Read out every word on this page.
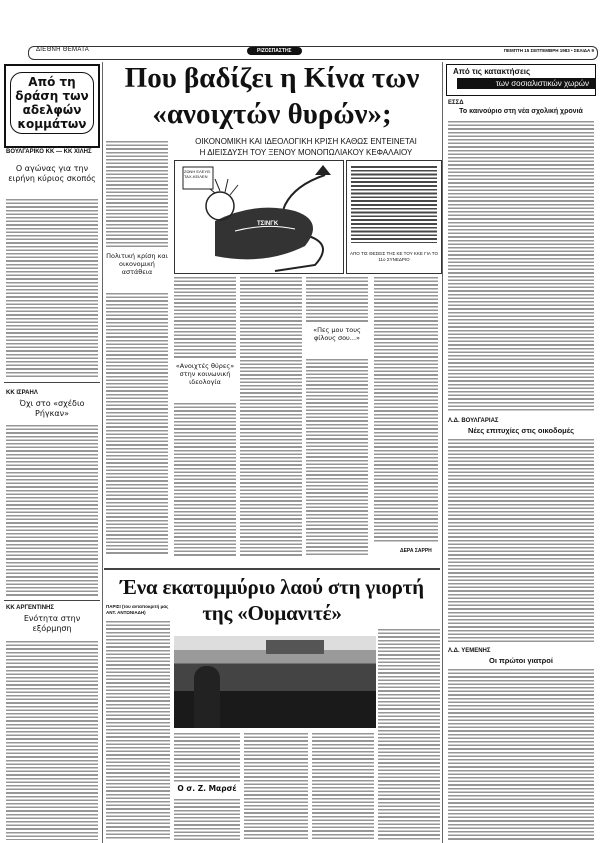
ΔΙΕΘΝΗ ΘΕΜΑΤΑ	ΡΙΖΟΣΠΑΣΤΗΣ	ΠΕΜΠΤΗ 15 ΣΕΠΤΕΜΒΡΗ 1983 • ΣΕΛΙΔΑ 9
Από τη δράση των αδελφών κομμάτων
ΒΟΥΛΓΑΡΙΚΟ ΚΚ — ΚΚ ΧΙΛΗΣ
Ο αγώνας για την ειρήνη κύριος σκοπός
ΚΚ ΙΣΡΑΗΛ
Όχι στο «σχέδιο Ρήγκαν»
ΚΚ ΑΡΓΕΝΤΙΝΗΣ
Ενότητα στην εξόρμηση
Που βαδίζει η Κίνα των
«ανοιχτών θυρών»;
ΟΙΚΟΝΟΜΙΚΗ ΚΑΙ ΙΔΕΟΛΟΓΙΚΗ ΚΡΙΣΗ ΚΑΘΩΣ ΕΝΤΕΙΝΕΤΑΙ
Η ΔΙΕΙΣΔΥΣΗ ΤΟΥ ΞΕΝΟΥ ΜΟΝΟΠΩΛΙΑΚΟΥ ΚΕΦΑΛΑΙΟΥ
Πολιτική κρίση και οικονομική αστάθεια
ΖΩΝΗ ΕΛΕΥΘ. ΤΑΧ-ΚΕΙΛΕΝ
ΤΣΙΝΓΚ
ΑΠΟ ΤΙΣ ΘΕΣΕΙΣ ΤΗΣ ΚΕ ΤΟΥ ΚΚΕ ΓΙΑ ΤΟ 11ο ΣΥΝΕΔΡΙΟ
«Ανοιχτές θύρες» στην κοινωνική ιδεολογία
«Πες μου τους φίλους σου...»
ΔΕΡΑ ΣΑΡΡΗ
Ένα εκατομμύριο λαού στη γιορτή
της «Ουμανιτέ»
ΠΑΡΙΣΙ (του ανταποκριτή μας ΑΝΤ. ΑΝΤΩΝΙΑΔΗ)
Ο σ. Ζ. Μαρσέ
Από τις κατακτήσεις
των σοσιαλιστικών χωρών
ΕΣΣΔ
Το καινούριο στη νέα σχολική χρονιά
Λ.Δ. ΒΟΥΛΓΑΡΙΑΣ
Νέες επιτυχίες στις οικοδομές
Λ.Δ. ΥΕΜΕΝΗΣ
Οι πρώτοι γιατροί
